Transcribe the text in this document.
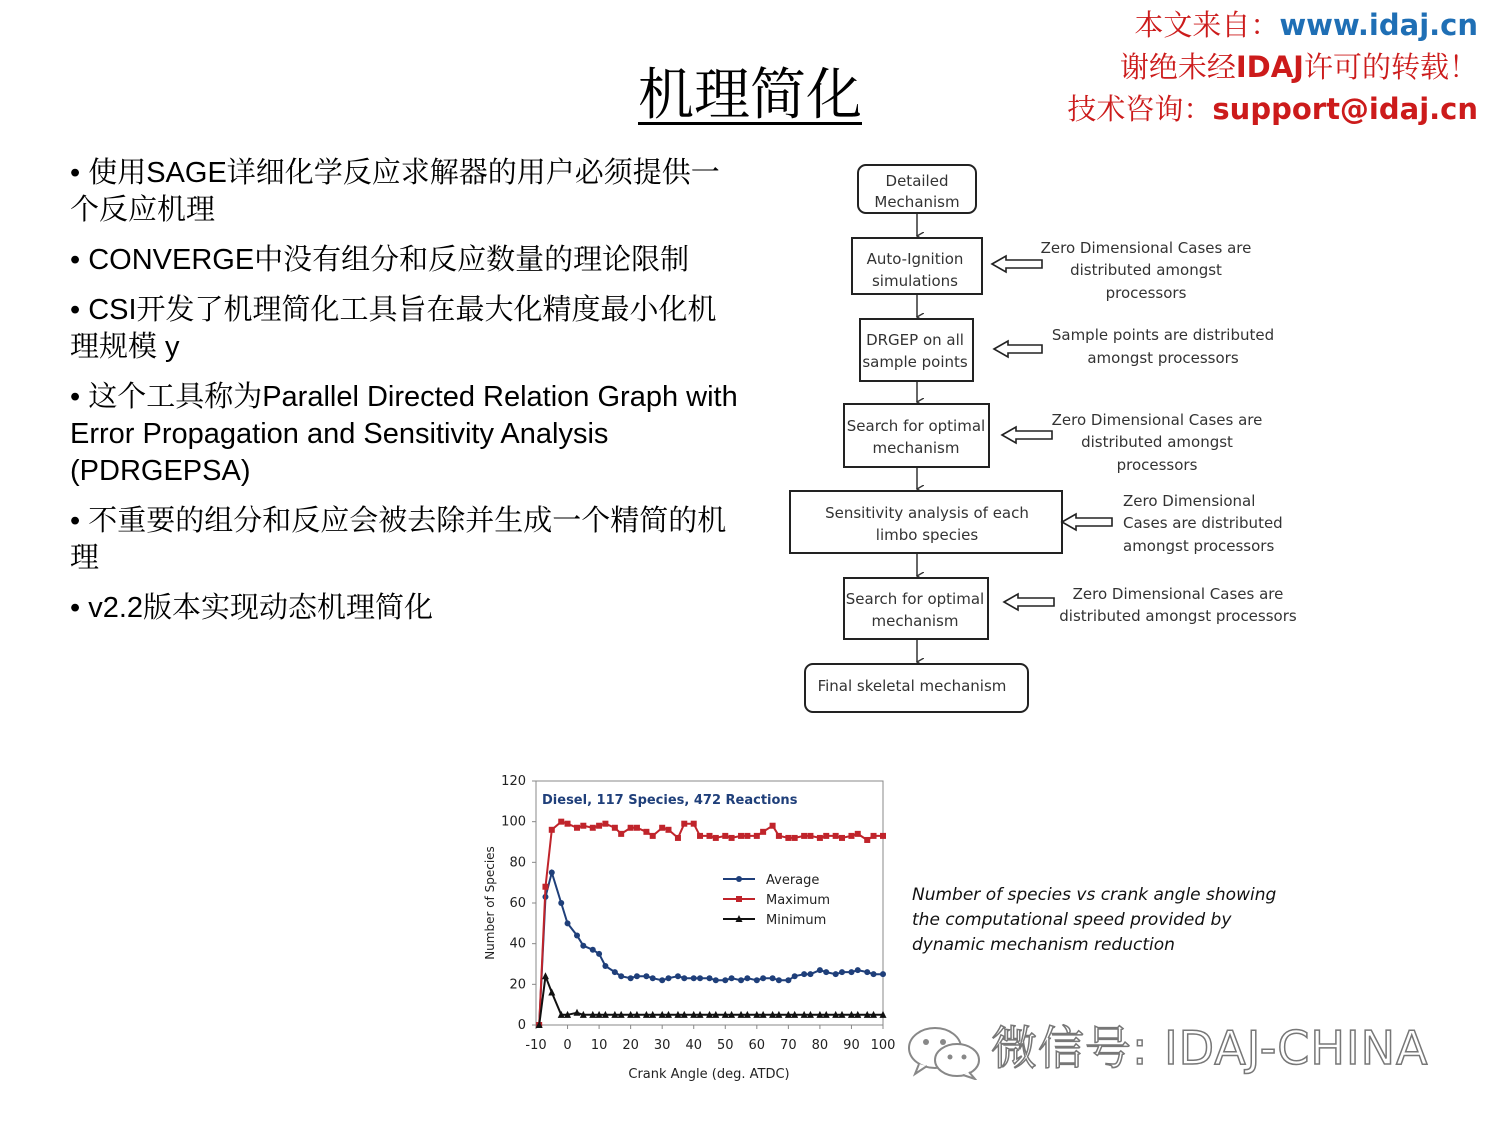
本文来自：www.idaj.cn
谢绝未经IDAJ许可的转载！
技术咨询：support@idaj.cn
机理简化
• 使用SAGE详细化学反应求解器的用户必须提供一个反应机理
• CONVERGE中没有组分和反应数量的理论限制
• CSI开发了机理简化工具旨在最大化精度最小化机理规模 y
• 这个工具称为Parallel Directed Relation Graph with Error Propagation and Sensitivity Analysis (PDRGEPSA)
• 不重要的组分和反应会被去除并生成一个精简的机理
• v2.2版本实现动态机理简化
Detailed
Mechanism
Auto-Ignition
simulations
DRGEP on all
sample points
Search for optimal
mechanism
Sensitivity analysis of each
limbo species
Search for optimal
mechanism
Final skeletal mechanism
Zero Dimensional Cases are
distributed amongst
processors
Sample points are distributed
amongst processors
Zero Dimensional Cases are
distributed amongst
processors
Zero Dimensional
Cases are distributed
amongst processors
Zero Dimensional Cases are
distributed amongst processors
0
20
40
60
80
100
120
-10 0 10 20 30 40 50 60 70 80 90 100
Diesel, 117 Species, 472 Reactions
Crank Angle (deg. ATDC)
Number of Species	Average
Maximum
Minimum
Number of species vs crank angle showing
the computational speed provided by
dynamic mechanism reduction
微信号: IDAJ-CHINA
